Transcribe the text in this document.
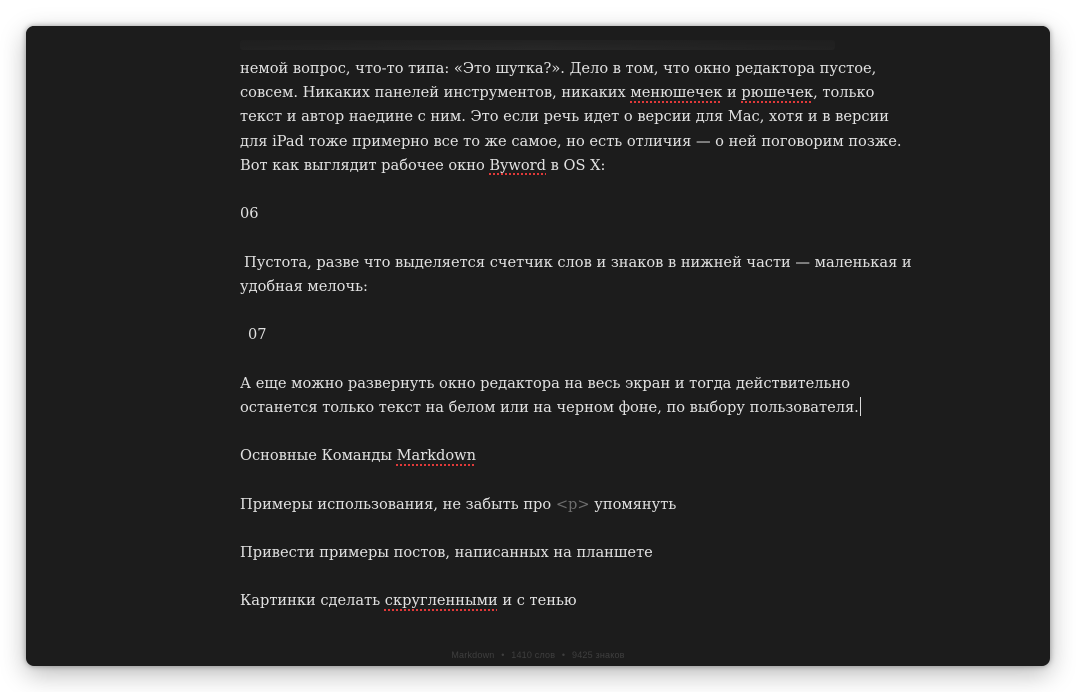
немой вопрос, что-то типа: «Это шутка?». Дело в том, что окно редактора пустое,

совсем. Никаких панелей инструментов, никаких менюшечек и рюшечек, только

текст и автор наедине с ним. Это если речь идет о версии для Mac, хотя и в версии

для iPad тоже примерно все то же самое, но есть отличия — о ней поговорим позже.

Вот как выглядит рабочее окно Byword в OS X:

06

Пустота, разве что выделяется счетчик слов и знаков в нижней части — маленькая и

удобная мелочь:

07

А еще можно развернуть окно редактора на весь экран и тогда действительно

останется только текст на белом или на черном фоне, по выбору пользователя.

Основные Команды Markdown

Примеры использования, не забыть про <p> упомянуть

Привести примеры постов, написанных на планшете

Картинки сделать скругленными и с тенью

Markdown • 1410 слов • 9425 знаков
